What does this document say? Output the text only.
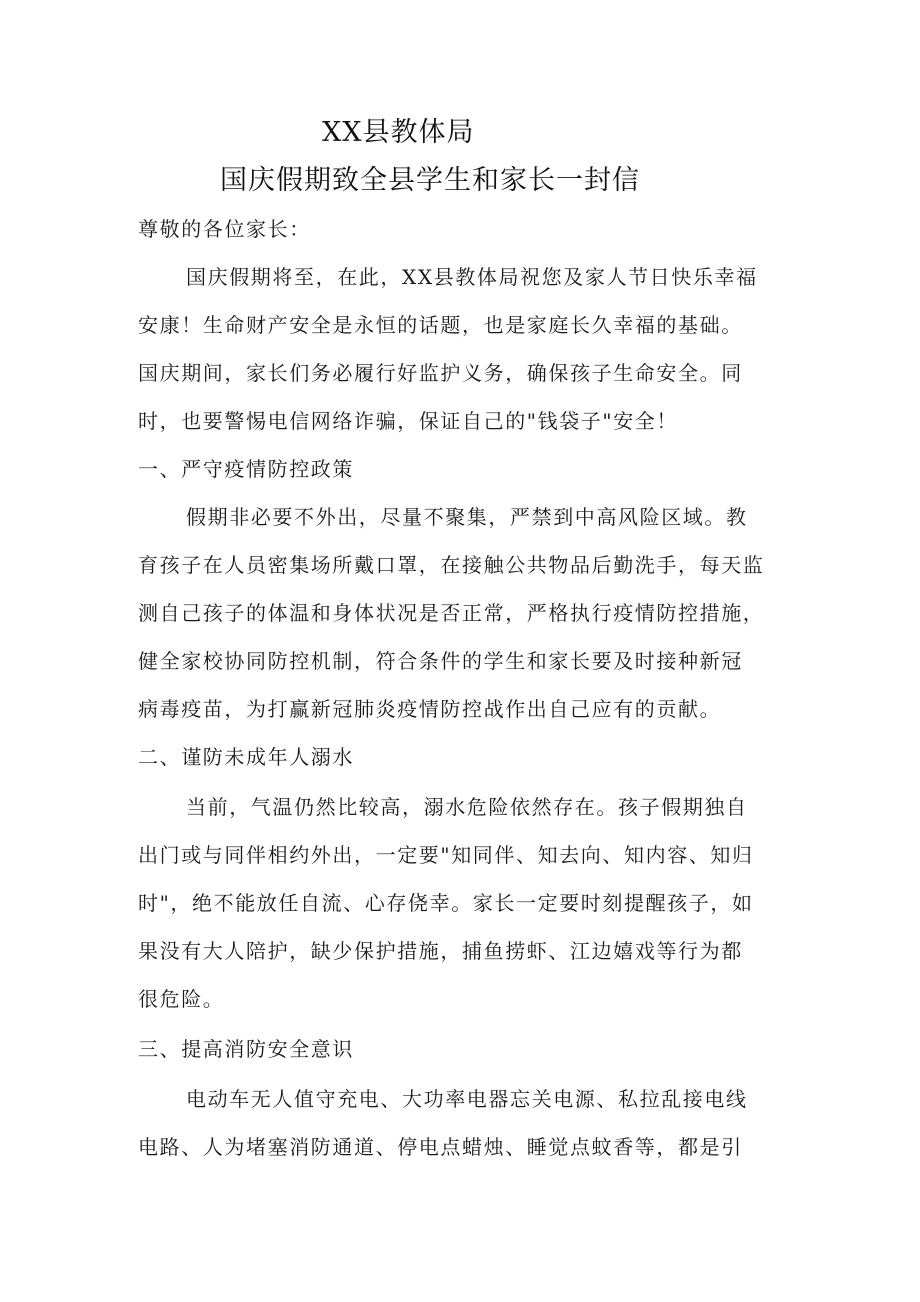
XX县教体局
国庆假期致全县学生和家长一封信
尊敬的各位家长：
国庆假期将至，在此，XX县教体局祝您及家人节日快乐幸福
安康！生命财产安全是永恒的话题，也是家庭长久幸福的基础。
国庆期间，家长们务必履行好监护义务，确保孩子生命安全。同
时，也要警惕电信网络诈骗，保证自己的"钱袋子"安全！
一、严守疫情防控政策
假期非必要不外出，尽量不聚集，严禁到中高风险区域。教
育孩子在人员密集场所戴口罩，在接触公共物品后勤洗手，每天监
测自己孩子的体温和身体状况是否正常，严格执行疫情防控措施，
健全家校协同防控机制，符合条件的学生和家长要及时接种新冠
病毒疫苗，为打赢新冠肺炎疫情防控战作出自己应有的贡献。
二、谨防未成年人溺水
当前，气温仍然比较高，溺水危险依然存在。孩子假期独自
出门或与同伴相约外出，一定要"知同伴、知去向、知内容、知归
时"，绝不能放任自流、心存侥幸。家长一定要时刻提醒孩子，如
果没有大人陪护，缺少保护措施，捕鱼捞虾、江边嬉戏等行为都
很危险。
三、提高消防安全意识
电动车无人值守充电、大功率电器忘关电源、私拉乱接电线
电路、人为堵塞消防通道、停电点蜡烛、睡觉点蚊香等，都是引
